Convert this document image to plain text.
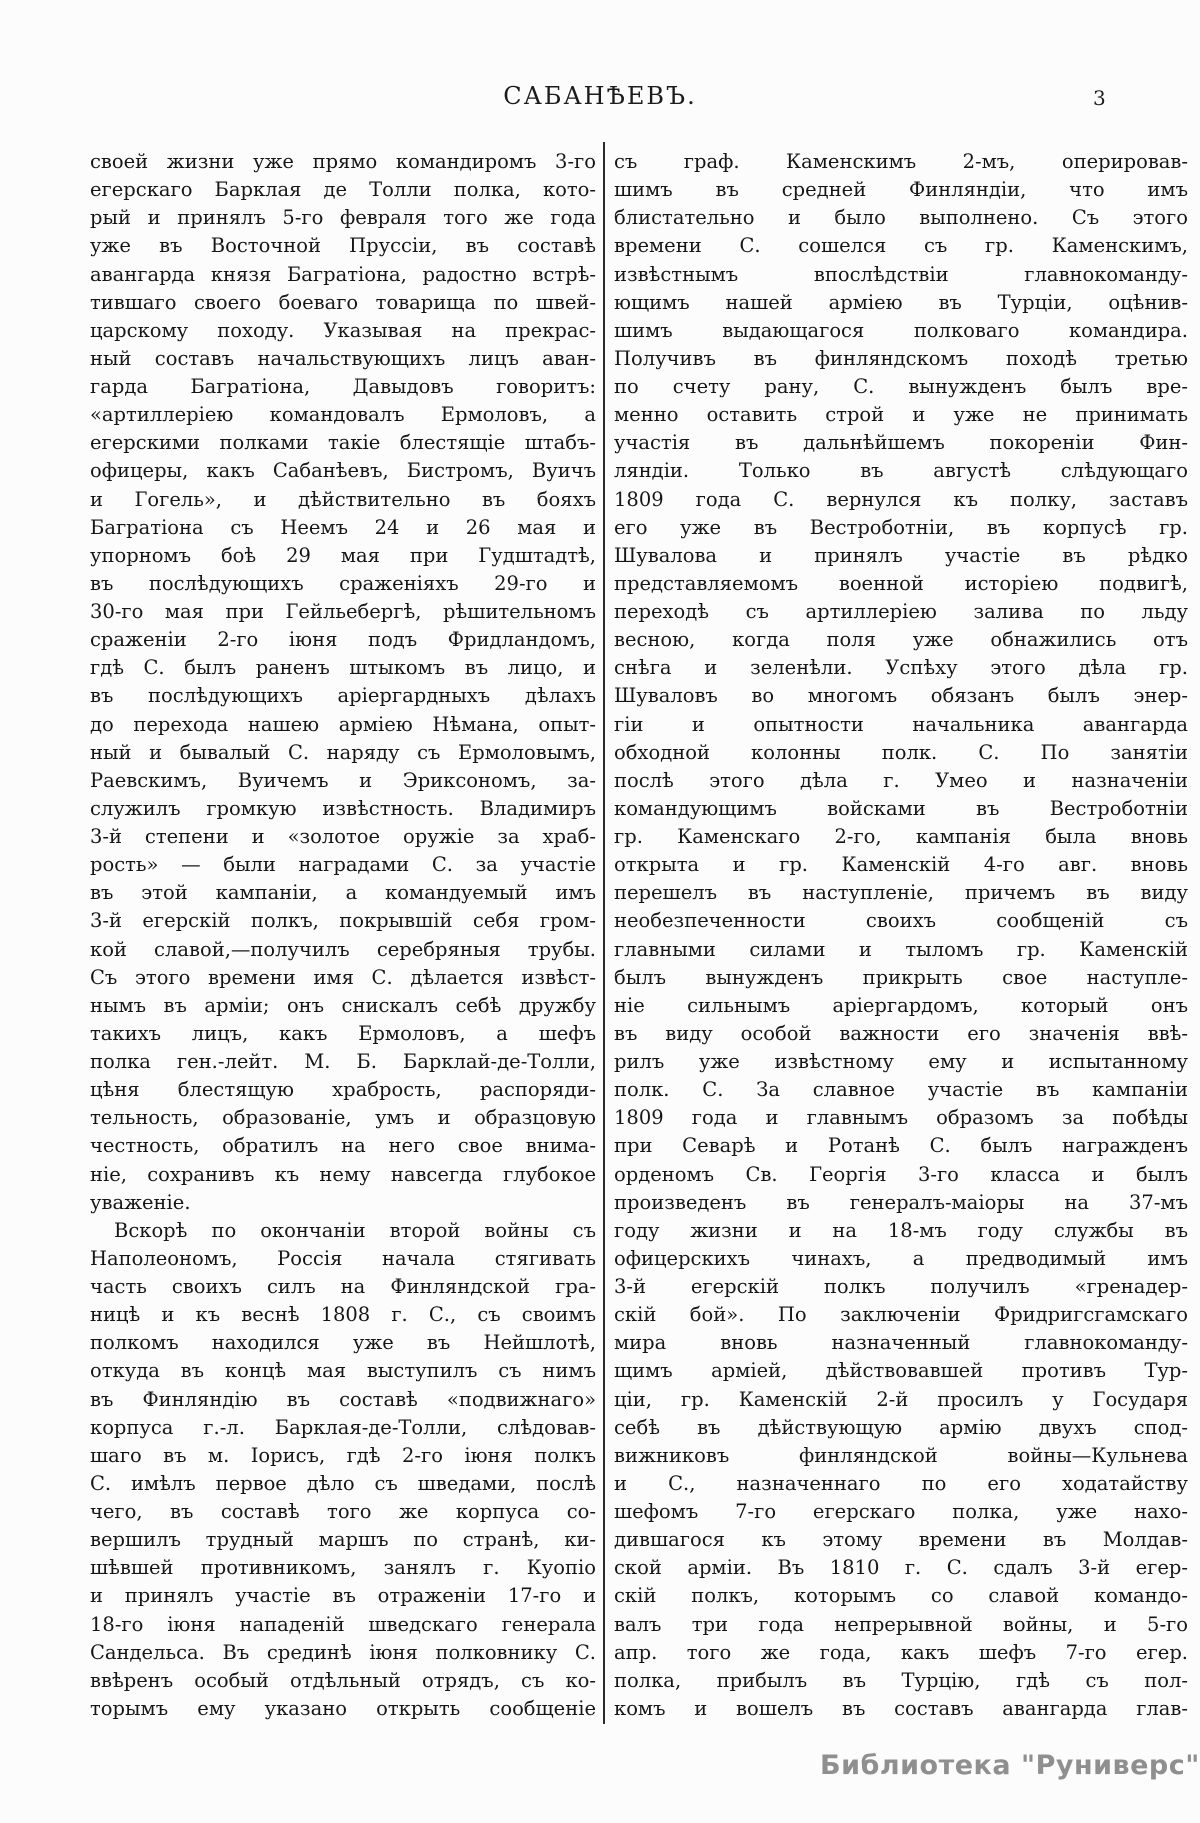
САБАНѢЕВЪ.	3
своей жизни уже прямо командиромъ 3-го
егерскаго Барклая де Толли полка, кото-
рый и принялъ 5-го февраля того же года
уже въ Восточной Пруссіи, въ составѣ
авангарда князя Багратіона, радостно встрѣ-
тившаго своего боеваго товарища по швей-
царскому походу. Указывая на прекрас-
ный составъ начальствующихъ лицъ аван-
гарда Багратіона, Давыдовъ говоритъ:
«артиллеріею командовалъ Ермоловъ, а
егерскими полками такіе блестящіе штабъ-
офицеры, какъ Сабанѣевъ, Бистромъ, Вуичъ
и Гогель», и дѣйствительно въ бояхъ
Багратіона съ Неемъ 24 и 26 мая и
упорномъ боѣ 29 мая при Гудштадтѣ,
въ послѣдующихъ сраженіяхъ 29-го и
30-го мая при Гейльебергѣ, рѣшительномъ
сраженіи 2-го іюня подъ Фридландомъ,
гдѣ С. былъ раненъ штыкомъ въ лицо, и
въ послѣдующихъ аріергардныхъ дѣлахъ
до перехода нашею арміею Нѣмана, опыт-
ный и бывалый С. наряду съ Ермоловымъ,
Раевскимъ, Вуичемъ и Эриксономъ, за-
служилъ громкую извѣстность. Владимиръ
3-й степени и «золотое оружіе за храб-
рость» — были наградами С. за участіе
въ этой кампаніи, а командуемый имъ
3-й егерскій полкъ, покрывшій себя гром-
кой славой,—получилъ серебряныя трубы.
Съ этого времени имя С. дѣлается извѣст-
нымъ въ арміи; онъ снискалъ себѣ дружбу
такихъ лицъ, какъ Ермоловъ, а шефъ
полка ген.-лейт. М. Б. Барклай-де-Толли,
цѣня блестящую храбрость, распоряди-
тельность, образованіе, умъ и образцовую
честность, обратилъ на него свое внима-
ніе, сохранивъ къ нему навсегда глубокое
уваженіе.
Вскорѣ по окончаніи второй войны съ
Наполеономъ, Россія начала стягивать
часть своихъ силъ на Финляндской гра-
ницѣ и къ веснѣ 1808 г. С., съ своимъ
полкомъ находился уже въ Нейшлотѣ,
откуда въ концѣ мая выступилъ съ нимъ
въ Финляндію въ составѣ «подвижнаго»
корпуса г.-л. Барклая-де-Толли, слѣдовав-
шаго въ м. Іорисъ, гдѣ 2-го іюня полкъ
С. имѣлъ первое дѣло съ шведами, послѣ
чего, въ составѣ того же корпуса со-
вершилъ трудный маршъ по странѣ, ки-
шѣвшей противникомъ, занялъ г. Куопіо
и принялъ участіе въ отраженіи 17-го и
18-го іюня нападеній шведскаго генерала
Сандельса. Въ срединѣ іюня полковнику С.
ввѣренъ особый отдѣльный отрядъ, съ ко-
торымъ ему указано открыть сообщеніе
съ граф. Каменскимъ 2-мъ, оперировав-
шимъ въ средней Финляндіи, что имъ
блистательно и было выполнено. Съ этого
времени С. сошелся съ гр. Каменскимъ,
извѣстнымъ впослѣдствіи главнокоманду-
ющимъ нашей арміею въ Турціи, оцѣнив-
шимъ выдающагося полковаго командира.
Получивъ въ финляндскомъ походѣ третью
по счету рану, С. вынужденъ былъ вре-
менно оставить строй и уже не принимать
участія въ дальнѣйшемъ покореніи Фин-
ляндіи. Только въ августѣ слѣдующаго
1809 года С. вернулся къ полку, заставъ
его уже въ Вестроботніи, въ корпусѣ гр.
Шувалова и принялъ участіе въ рѣдко
представляемомъ военной исторіею подвигѣ,
переходѣ съ артиллеріею залива по льду
весною, когда поля уже обнажились отъ
снѣга и зеленѣли. Успѣху этого дѣла гр.
Шуваловъ во многомъ обязанъ былъ энер-
гіи и опытности начальника авангарда
обходной колонны полк. С. По занятіи
послѣ этого дѣла г. Умео и назначеніи
командующимъ войсками въ Вестроботніи
гр. Каменскаго 2-го, кампанія была вновь
открыта и гр. Каменскій 4-го авг. вновь
перешелъ въ наступленіе, причемъ въ виду
необезпеченности своихъ сообщеній съ
главными силами и тыломъ гр. Каменскій
былъ вынужденъ прикрыть свое наступле-
ніе сильнымъ аріергардомъ, который онъ
въ виду особой важности его значенія ввѣ-
рилъ уже извѣстному ему и испытанному
полк. С. За славное участіе въ кампаніи
1809 года и главнымъ образомъ за побѣды
при Севарѣ и Ротанѣ С. былъ награжденъ
орденомъ Св. Георгія 3-го класса и былъ
произведенъ въ генералъ-маіоры на 37-мъ
году жизни и на 18-мъ году службы въ
офицерскихъ чинахъ, а предводимый имъ
3-й егерскій полкъ получилъ «гренадер-
скій бой». По заключеніи Фридригсгамскаго
мира вновь назначенный главнокоманду-
щимъ арміей, дѣйствовавшей противъ Тур-
ціи, гр. Каменскій 2-й просилъ у Государя
себѣ въ дѣйствующую армію двухъ спод-
вижниковъ финляндской войны—Кульнева
и С., назначеннаго по его ходатайству
шефомъ 7-го егерскаго полка, уже нахо-
дившагося къ этому времени въ Молдав-
ской арміи. Въ 1810 г. С. сдалъ 3-й егер-
скій полкъ, которымъ со славой командо-
валъ три года непрерывной войны, и 5-го
апр. того же года, какъ шефъ 7-го егер.
полка, прибылъ въ Турцію, гдѣ съ пол-
комъ и вошелъ въ составъ авангарда глав-
Библиотека "Руниверс"
